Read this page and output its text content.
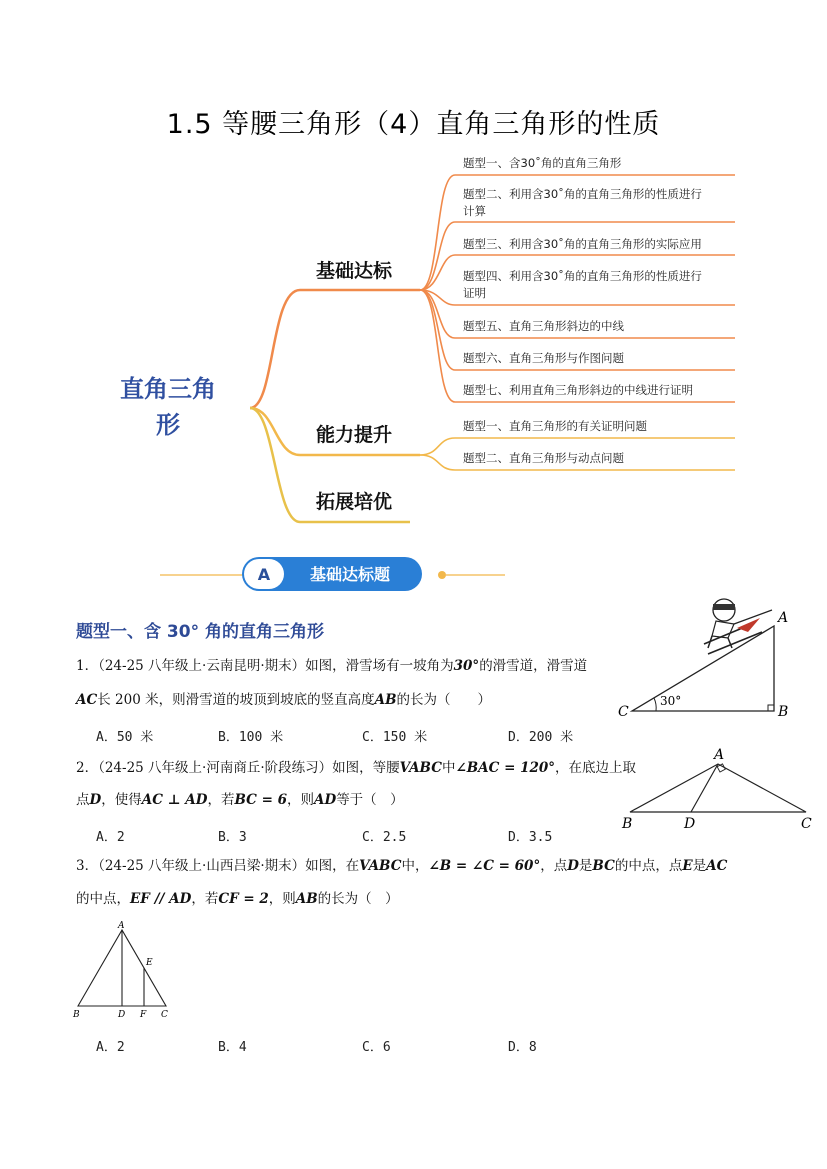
1.5 等腰三角形（4）直角三角形的性质
直角三角
形
基础达标
能力提升
拓展培优
题型一、含30˚角的直角三角形
题型二、利用含30˚角的直角三角形的性质进行
计算
题型三、利用含30˚角的直角三角形的实际应用
题型四、利用含30˚角的直角三角形的性质进行
证明
题型五、直角三角形斜边的中线
题型六、直角三角形与作图问题
题型七、利用直角三角形斜边的中线进行证明
题型一、直角三角形的有关证明问题
题型二、直角三角形与动点问题
A 基础达标题
题型一、含 30° 角的直角三角形
1．（24-25 八年级上·云南昆明·期末）如图，滑雪场有一坡角为30°的滑雪道，滑雪道
AC长 200 米，则滑雪道的坡顶到坡底的竖直高度AB的长为（　　）
A．50 米	B．100 米	C．150 米	D．200 米
30°
C	B
A
2．（24-25 八年级上·河南商丘·阶段练习）如图，等腰VABC中∠BAC = 120°，在底边上取
点D，使得AC ⊥ AD，若BC = 6，则AD等于（　）
A．2	B．3	C．2.5	D．3.5
A
B	D	C
3．（24-25 八年级上·山西吕梁·期末）如图，在VABC中，∠B = ∠C = 60°，点D是BC的中点，点E是AC
的中点，EF // AD，若CF = 2，则AB的长为（　）
A
E
B	D F C
A．2	B．4	C．6	D．8
